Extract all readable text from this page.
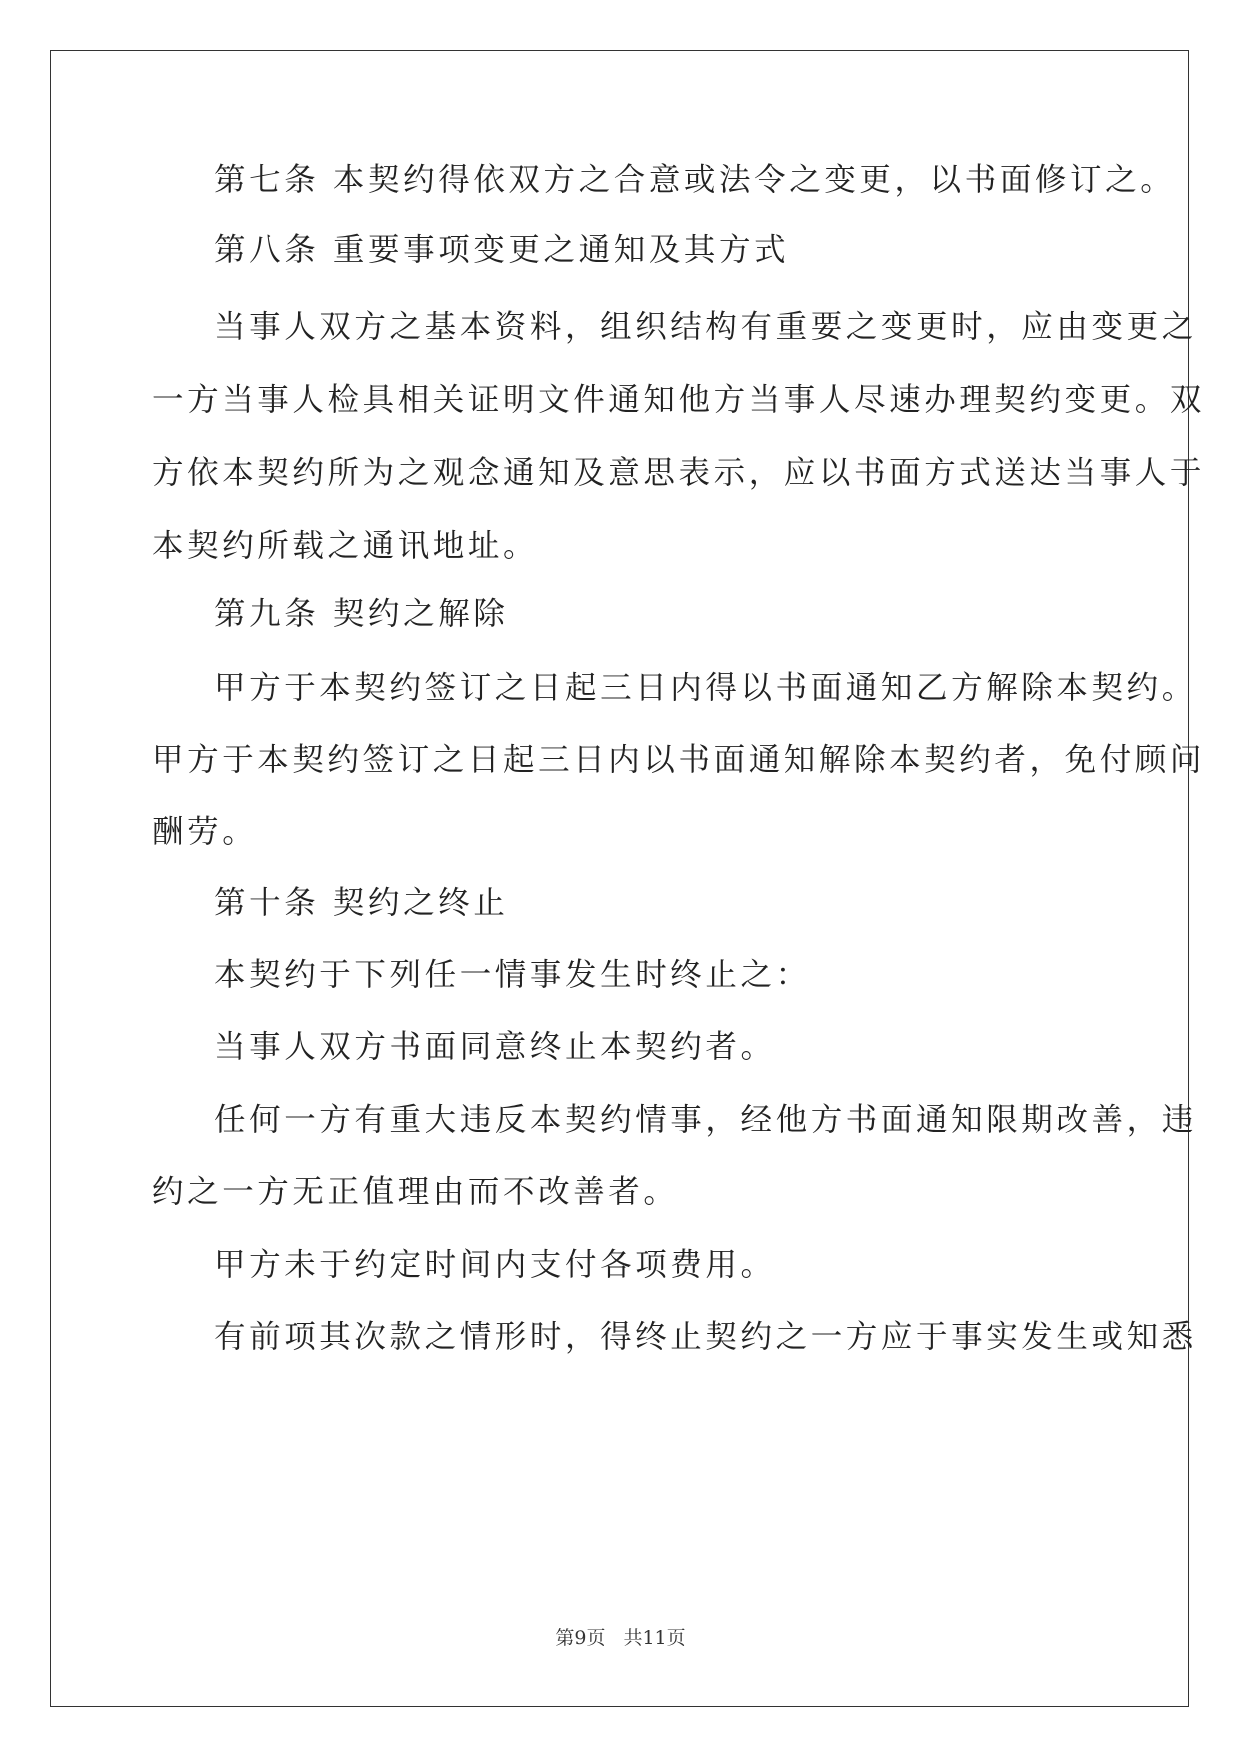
第七条 本契约得依双方之合意或法令之变更，以书面修订之。
第八条 重要事项变更之通知及其方式
当事人双方之基本资料，组织结构有重要之变更时，应由变更之
一方当事人检具相关证明文件通知他方当事人尽速办理契约变更。双
方依本契约所为之观念通知及意思表示，应以书面方式送达当事人于
本契约所载之通讯地址。
第九条 契约之解除
甲方于本契约签订之日起三日内得以书面通知乙方解除本契约。
甲方于本契约签订之日起三日内以书面通知解除本契约者，免付顾问
酬劳。
第十条 契约之终止
本契约于下列任一情事发生时终止之：
当事人双方书面同意终止本契约者。
任何一方有重大违反本契约情事，经他方书面通知限期改善，违
约之一方无正值理由而不改善者。
甲方未于约定时间内支付各项费用。
有前项其次款之情形时，得终止契约之一方应于事实发生或知悉
第9页 共11页
